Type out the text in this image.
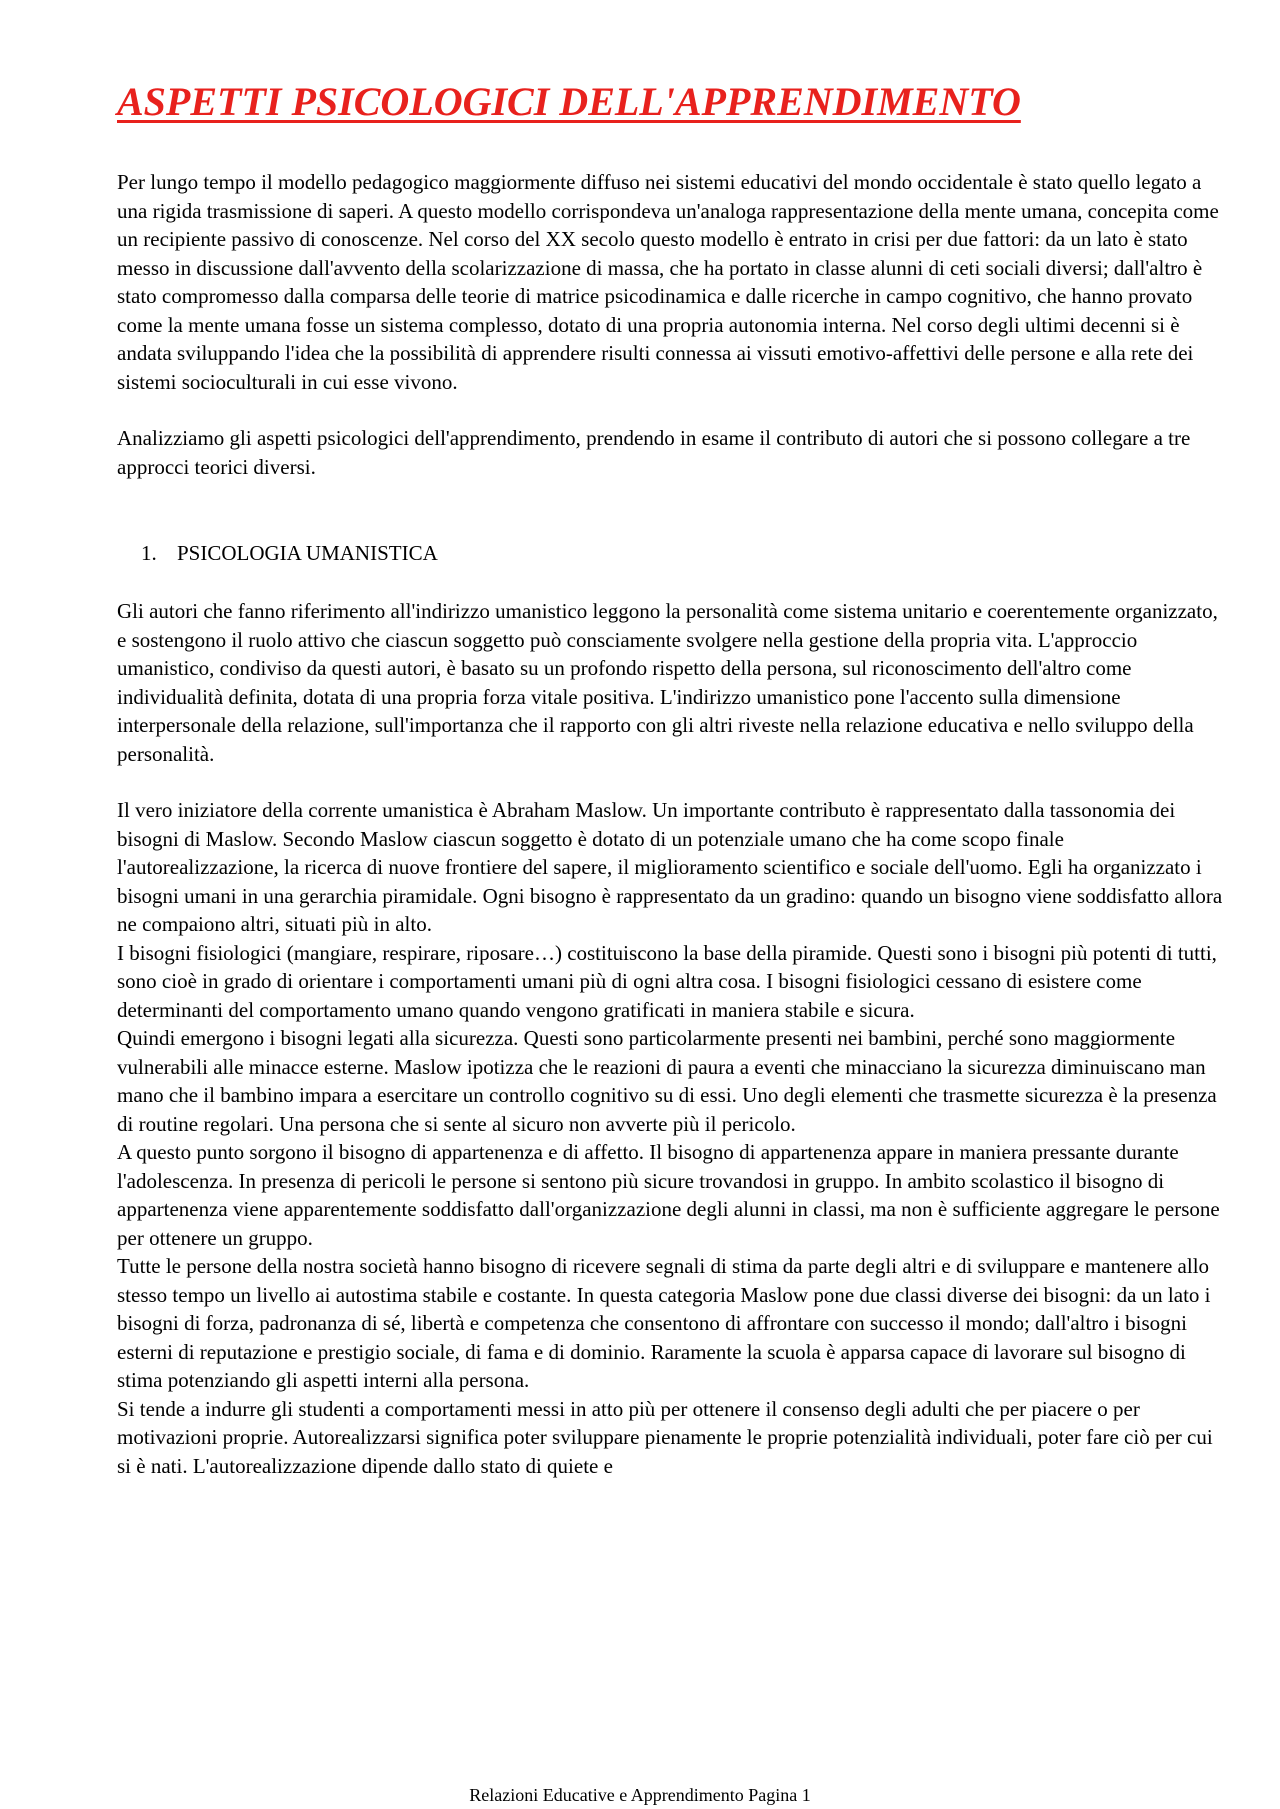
ASPETTI PSICOLOGICI DELL'APPRENDIMENTO

Per lungo tempo il modello pedagogico maggiormente diffuso nei sistemi educativi del mondo occidentale è stato quello legato a una rigida trasmissione di saperi. A questo modello corrispondeva un'analoga rappresentazione della mente umana, concepita come un recipiente passivo di conoscenze. Nel corso del XX secolo questo modello è entrato in crisi per due fattori: da un lato è stato messo in discussione dall'avvento della scolarizzazione di massa, che ha portato in classe alunni di ceti sociali diversi; dall'altro è stato compromesso dalla comparsa delle teorie di matrice psicodinamica e dalle ricerche in campo cognitivo, che hanno provato come la mente umana fosse un sistema complesso, dotato di una propria autonomia interna. Nel corso degli ultimi decenni si è andata sviluppando l'idea che la possibilità di apprendere risulti connessa ai vissuti emotivo-affettivi delle persone e alla rete dei sistemi socioculturali in cui esse vivono.

Analizziamo gli aspetti psicologici dell'apprendimento, prendendo in esame il contributo di autori che si possono collegare a tre approcci teorici diversi.

1. PSICOLOGIA UMANISTICA

Gli autori che fanno riferimento all'indirizzo umanistico leggono la personalità come sistema unitario e coerentemente organizzato, e sostengono il ruolo attivo che ciascun soggetto può consciamente svolgere nella gestione della propria vita. L'approccio umanistico, condiviso da questi autori, è basato su un profondo rispetto della persona, sul riconoscimento dell'altro come individualità definita, dotata di una propria forza vitale positiva. L'indirizzo umanistico pone l'accento sulla dimensione interpersonale della relazione, sull'importanza che il rapporto con gli altri riveste nella relazione educativa e nello sviluppo della personalità.

Il vero iniziatore della corrente umanistica è Abraham Maslow. Un importante contributo è rappresentato dalla tassonomia dei bisogni di Maslow. Secondo Maslow ciascun soggetto è dotato di un potenziale umano che ha come scopo finale l'autorealizzazione, la ricerca di nuove frontiere del sapere, il miglioramento scientifico e sociale dell'uomo. Egli ha organizzato i bisogni umani in una gerarchia piramidale. Ogni bisogno è rappresentato da un gradino: quando un bisogno viene soddisfatto allora ne compaiono altri, situati più in alto.

I bisogni fisiologici (mangiare, respirare, riposare…) costituiscono la base della piramide. Questi sono i bisogni più potenti di tutti, sono cioè in grado di orientare i comportamenti umani più di ogni altra cosa. I bisogni fisiologici cessano di esistere come determinanti del comportamento umano quando vengono gratificati in maniera stabile e sicura.

Quindi emergono i bisogni legati alla sicurezza. Questi sono particolarmente presenti nei bambini, perché sono maggiormente vulnerabili alle minacce esterne. Maslow ipotizza che le reazioni di paura a eventi che minacciano la sicurezza diminuiscano man mano che il bambino impara a esercitare un controllo cognitivo su di essi. Uno degli elementi che trasmette sicurezza è la presenza di routine regolari. Una persona che si sente al sicuro non avverte più il pericolo.

A questo punto sorgono il bisogno di appartenenza e di affetto. Il bisogno di appartenenza appare in maniera pressante durante l'adolescenza. In presenza di pericoli le persone si sentono più sicure trovandosi in gruppo. In ambito scolastico il bisogno di appartenenza viene apparentemente soddisfatto dall'organizzazione degli alunni in classi, ma non è sufficiente aggregare le persone per ottenere un gruppo.

Tutte le persone della nostra società hanno bisogno di ricevere segnali di stima da parte degli altri e di sviluppare e mantenere allo stesso tempo un livello ai autostima stabile e costante. In questa categoria Maslow pone due classi diverse dei bisogni: da un lato i bisogni di forza, padronanza di sé, libertà e competenza che consentono di affrontare con successo il mondo; dall'altro i bisogni esterni di reputazione e prestigio sociale, di fama e di dominio. Raramente la scuola è apparsa capace di lavorare sul bisogno di stima potenziando gli aspetti interni alla persona.

Si tende a indurre gli studenti a comportamenti messi in atto più per ottenere il consenso degli adulti che per piacere o per motivazioni proprie. Autorealizzarsi significa poter sviluppare pienamente le proprie potenzialità individuali, poter fare ciò per cui si è nati. L'autorealizzazione dipende dallo stato di quiete e

Relazioni Educative e Apprendimento Pagina 1
